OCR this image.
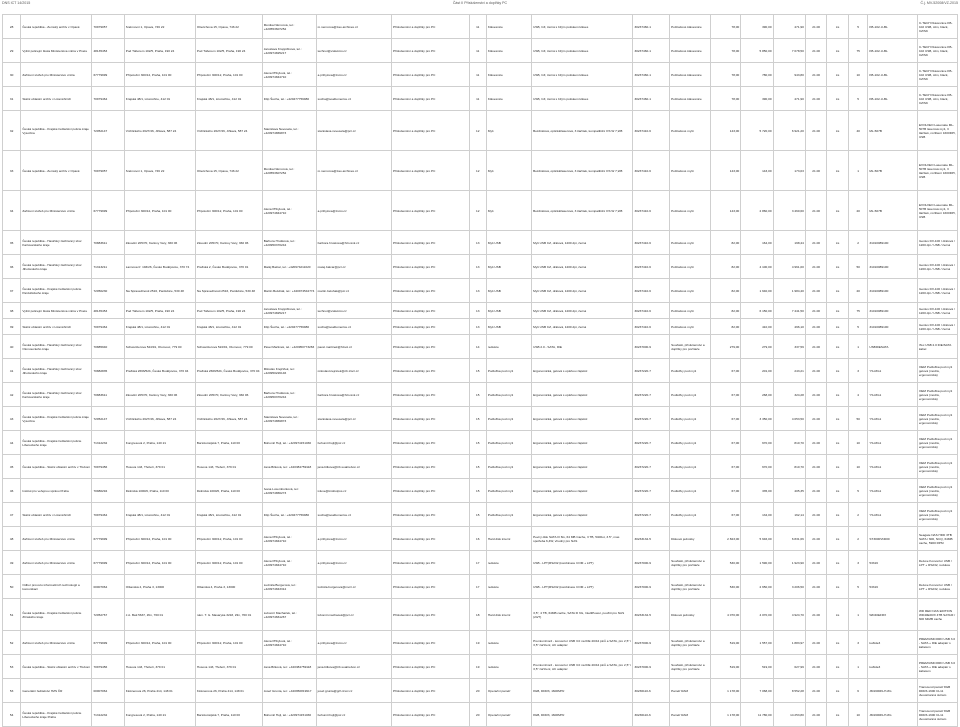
DNS ICT 14/2015	Část II Příslušenství a doplňky PC	Č.j. MV-52008/VZ-2015
28	Česká republika - Zemský archiv v Opavě	70979057	Sněmovní 1, Opava, 746 22	Olterichova 15, Opava, 746 22	Monika Němcová, tel.: +420553607252	m.nemcova@zao.archives.cz	Příslušenství a doplňky pro PC	11	Klávesnice	USB, CZ, černá s bílým potiskem kláves	30237460-1	Počítačové klávesnice	78,00	390,00	471,90	21.00	ks	5	KB-102-U-BL	C-TECH Klávesnice KB-102 USB, slim, black, CZ/SK
29	Vyšší policejní škola Ministerstva vnitra v Praze	48135453	Pod Táborem 102/5, Praha, 190 24	Pod Táborem 102/5, Praha, 190 24	Jaroslava Kroppičková, tel.: +420974825217	technot@vskukmv.cz	Příslušenství a doplňky pro PC	11	Klávesnice	USB, CZ, černá s bílým potiskem kláves	30237460-1	Počítačové klávesnice	78,00	5 850,00	7 078,50	21.00	ks	75	KB-102-U-BL	C-TECH Klávesnice KB-102 USB, slim, black, CZ/SK
30	Zařízení služeb pro Ministerstvo vnitra	67779999	Přípotoční 300/12, Praha, 101 00	Přípotoční 300/12, Praha, 101 00	Alena Přibylová, tel.: +420974844710	a.pribylova@zsmv.cz	Příslušenství a doplňky pro PC	11	Klávesnice	USB, CZ, černá s bílým potiskem kláves	30237460-1	Počítačové klávesnice	78,00	780,00	943,80	21.00	ks	10	KB-102-U-BL	C-TECH Klávesnice KB-102 USB, slim, black, CZ/SK
31	Státní oblastní archiv v Litoměřicích	70979464	Krajská 48/1, Litoměřice, 412 01	Krajská 48/1, Litoměřice, 412 01	Filip Šucha, tel.: +420477759980	sucha@soalitomerice.cz	Příslušenství a doplňky pro PC	11	Klávesnice	USB, CZ, černá s bílým potiskem kláves	30237460-1	Počítačové klávesnice	78,00	390,00	471,90	21.00	ks	5	KB-102-U-BL	C-TECH Klávesnice KB-102 USB, slim, black, CZ/SK
32	Česká republika - Krajské ředitelství policie kraje Vysočina	72052147	Vrchlického 2627/46, Jihlava, 587 24	Vrchlického 2627/46, Jihlava, 587 24	Stanislava Nevesela, tel.: +420974869873	stanislava.nevesela@pcr.cz	Příslušenství a doplňky pro PC	12	Myš	Bezdrátová, optická/laserová, 3 tlačítek, kompatibilní OS W 7,W8	30237410-6	Počítačové myši	143,00	5 720,00	6 921,20	21.00	ks	40	ML-507B	EVOLVEO Lasemate ML-507B laserová myš, 3 tlačítek, rozlišení 1600DPI, USB
33	Česká republika - Zemský archiv v Opavě	70979057	Sněmovní 1, Opava, 746 22	Olterichova 15, Opava, 746 22	Monika Němcová, tel.: +420553607252	m.nemcova@zao.archives.cz	Příslušenství a doplňky pro PC	12	Myš	Bezdrátová, optická/laserová, 3 tlačítek, kompatibilní OS W 7,W8	30237410-6	Počítačové myši	143,00	143,00	173,03	21.00	ks	1	ML-507B	EVOLVEO Lasemate ML-507B laserová myš, 3 tlačítek, rozlišení 1600DPI, USB
34	Zařízení služeb pro Ministerstvo vnitra	67779999	Přípotoční 300/12, Praha, 101 00	Přípotoční 300/12, Praha, 101 00	Alena Přibylová, tel.: +420974844710	a.pribylova@zsmv.cz	Příslušenství a doplňky pro PC	12	Myš	Bezdrátová, optická/laserová, 3 tlačítek, kompatibilní OS W 7,W8	30237410-6	Počítačové myši	143,00	2 860,00	3 460,60	21.00	ks	20	ML-507B	EVOLVEO Lasemate ML-507B laserová myš, 3 tlačítek, rozlišení 1600DPI, USB
35	Česká republika - Hasičský záchranný sbor Karlovarského kraje	70883611	Závodní 205/70, Karlovy Vary, 360 06	Závodní 205/70, Karlovy Vary, 360 06	Barbora Hrušková, tel.: +420950370244	barbora.hruskova@hzs-kvk.cz	Příslušenství a doplňky pro PC	13	Myš USB	Myš USB CZ, drátová, 1200 dpi, černá	30237410-6	Počítačové myši	82,00	164,00	198,44	21.00	ks	2	31010089100	Genius DX-100 / drátová / 1200 dpi / USB / černá
36	Česká republika - Hasičský záchranný sbor Jihočeského kraje	71313211	Lannova tř. 193/26, České Budějovice, 370 74	Pražská 2, České Budějovice, 370 01	Matěj Balcar, tel.: +420974211020	matej.balcar@pcr.cz	Příslušenství a doplňky pro PC	13	Myš USB	Myš USB CZ, drátová, 1200 dpi, černá	30237410-6	Počítačové myši	82,00	4 100,00	4 961,00	21.00	ks	50	31010089100	Genius DX-100 / drátová / 1200 dpi / USB / černá
37	Česká republika - Krajské ředitelství policie Pardubického kraje	72050230	Na Spravedlnosti 2516, Pardubice, 530 48	Na Spravedlnosti 2516, Pardubice, 530 48	Martin Beluhák, tel.: +420974542774	martin.beluhak@pcr.cz	Příslušenství a doplňky pro PC	13	Myš USB	Myš USB CZ, drátová, 1200 dpi, černá	30237410-6	Počítačové myši	82,00	1 640,00	1 984,40	21.00	ks	20	31010089100	Genius DX-100 / drátová / 1200 dpi / USB / černá
38	Vyšší policejní škola Ministerstva vnitra v Praze	48135453	Pod Táborem 102/5, Praha, 190 24	Pod Táborem 102/5, Praha, 190 24	Jaroslava Kroppičková, tel.: +420974825217	technot@vskukmv.cz	Příslušenství a doplňky pro PC	13	Myš USB	Myš USB CZ, drátová, 1200 dpi, černá	30237410-6	Počítačové myši	82,00	6 150,00	7 441,50	21.00	ks	75	31010089100	Genius DX-100 / drátová / 1200 dpi / USB / černá
39	Státní oblastní archiv v Litoměřicích	70979464	Krajská 48/1, Litoměřice, 412 01	Krajská 48/1, Litoměřice, 412 01	Filip Šucha, tel.: +420477759980	sucha@soalitomerice.cz	Příslušenství a doplňky pro PC	13	Myš USB	Myš USB CZ, drátová, 1200 dpi, černá	30237410-6	Počítačové myši	82,00	410,00	496,10	21.00	ks	5	31010089100	Genius DX-100 / drátová / 1200 dpi / USB / černá
40	Česká republika - Hasičský záchranný sbor Olomouckého kraje	70885940	Schweitzerova 524/91, Olomouc, 779 00	Schweitzerova 524/91, Olomouc, 779 00	Pavel Martinek, tel.: +420950773283	pavel.martinek@hzsol.cz	Příslušenství a doplňky pro PC	14	redukce	USB 2.0 - SATA, IDE	30237000-9	Součásti, příslušenství a doplňky pro počítače	279,00	279,00	337,59	21.00	ks	1	USBIDESATA	iTec USB 2.0 IDE/SATA kabel
41	Česká republika - Hasičský záchranný sbor Jihočeského kraje	70882835	Pražská 2666/52b, České Budějovice, 370 04	Pražská 2666/52b, České Budějovice, 370 04	Miloslav Krejčíček, tel.: +420950226146	miloslav.krejcicek@cb.izscr.cz	Příslušenství a doplňky pro PC	15	Podložka pod myš	Ergonomická, gelová s opěrkou zápěstí	30237220-7	Podložky pod myš	67,00	201,00	243,21	21.00	ks	3	YS-MG1	OEM Podložka pod myš gelová (modrá, ergonomická)
42	Česká republika - Hasičský záchranný sbor Karlovarského kraje	70883611	Závodní 205/70, Karlovy Vary, 360 06	Závodní 205/70, Karlovy Vary, 360 06	Barbora Hrušková, tel.: +420950370244	barbora.hruskova@hzs-kvk.cz	Příslušenství a doplňky pro PC	15	Podložka pod myš	Ergonomická, gelová s opěrkou zápěstí	30237220-7	Podložky pod myš	67,00	268,00	324,28	21.00	ks	4	YS-MG1	OEM Podložka pod myš gelová (modrá, ergonomická)
43	Česká republika - Krajské ředitelství policie kraje Vysočina	72052147	Vrchlického 2627/46, Jihlava, 587 24	Vrchlického 2627/46, Jihlava, 587 24	Stanislava Nevesela, tel.: +420974869873	stanislava.nevesela@pcr.cz	Příslušenství a doplňky pro PC	15	Podložka pod myš	Ergonomická, gelová s opěrkou zápěstí	30237220-7	Podložky pod myš	67,00	3 350,00	4 053,50	21.00	ks	50	YS-MG1	OEM Podložka pod myš gelová (modrá, ergonomická)
44	Česká republika - Krajské ředitelství policie Libereckého kraje	71312232	Kongresová 2, Praha, 140 21	Bartolomějská 7, Praha, 110 00	Bohumil Hojl, tel.: +420974151030	bohumil.hojl@pcr.cz	Příslušenství a doplňky pro PC	15	Podložka pod myš	Ergonomická, gelová s opěrkou zápěstí	30237220-7	Podložky pod myš	67,00	670,00	810,70	21.00	ks	10	YS-MG1	OEM Podložka pod myš gelová (modrá, ergonomická)
45	Česká republika - Státní oblastní archiv v Třeboni	70979456	Husova 143, Třeboň, 379 01	Husova 143, Třeboň, 379 01	Jana Bílková, tel.: +420384759118	jana.bilkova@trb.soaitrebon.cz	Příslušenství a doplňky pro PC	15	Podložka pod myš	Ergonomická, gelová s opěrkou zápěstí	30237220-7	Podložky pod myš	67,00	670,00	810,70	21.00	ks	10	YS-MG1	OEM Podložka pod myš gelová (modrá, ergonomická)
46	Institut pro veřejnou správu Praha	70980294	Dělnická 1000/6, Praha, 110 00	Dělnická 1000/6, Praha, 110 00	Ivana Luxemburková, tel.: +420974866273	ivluxe@institutpvs.cz	Příslušenství a doplňky pro PC	15	Podložka pod myš	Ergonomická, gelová s opěrkou zápěstí	30237220-7	Podložky pod myš	67,00	335,00	405,35	21.00	ks	5	YS-MG1	OEM Podložka pod myš gelová (modrá, ergonomická)
47	Státní oblastní archiv v Litoměřicích	70979464	Krajská 48/1, Litoměřice, 412 01	Krajská 48/1, Litoměřice, 412 01	Filip Šucha, tel.: +420477759980	sucha@soalitomerice.cz	Příslušenství a doplňky pro PC	15	Podložka pod myš	Ergonomická, gelová s opěrkou zápěstí	30237220-7	Podložky pod myš	67,00	134,00	162,14	21.00	ks	2	YS-MG1	OEM Podložka pod myš gelová (modrá, ergonomická)
48	Zařízení služeb pro Ministerstvo vnitra	67779999	Přípotoční 300/12, Praha, 101 00	Přípotoční 300/12, Praha, 101 00	Alena Přibylová, tel.: +420974844710	a.pribylova@zsmv.cz	Příslušenství a doplňky pro PC	16	Hard disk interní	Pevný disk SATA III 6G, 64 MB Cache, 3 TB, 5400ot, 3.5", max. spotřeba 6,4W, vhodný pro NAS	30233132-5	Diskové jednotky	2 823,00	5 646,00	6 831,66	21.00	ks	2	ST3000VN000	Seagate NAS HDD 3TB SATA / 600, NCQ, 64MB cache, 5900 RPM
49	Zařízení služeb pro Ministerstvo vnitra	67779999	Přípotoční 300/12, Praha, 101 00	Přípotoční 300/12, Praha, 101 00	Alena Přibylová, tel.: +420974844710	a.pribylova@zsmv.cz	Příslušenství a doplňky pro PC	17	redukce	USB - LPT(RS232 (kombinace COM + LPT)	30237000-9	Součásti, příslušenství a doplňky pro počítače	530,00	1 590,00	1 923,90	21.00	ks	3	53316	Deluxe Konvertor USB / LPT + RS232, redukce
50	Odbor provozu informačních technologií a komunikací	00007064	Olšanská 4, Praha 3, 13000	Olšanská 4, Praha 3, 13000	Ludmila Burgerová, tel.: +420974843312	ludmila.burgerova@mvcr.cz	Příslušenství a doplňky pro PC	17	redukce	USB - LPT(RS232 (kombinace COM + LPT)	30237000-9	Součásti, příslušenství a doplňky pro počítače	530,00	2 650,00	3 206,50	21.00	ks	5	53316	Deluxe Konvertor USB / LPT + RS232, redukce
51	Česká republika - Krajské ředitelství policie Zlínského kraje	72052767	J.A. Bati 5637, Zlín, 760 01	nám. T. G. Masaryka 3218, Zlín, 760 01	Lubomír Machaček, tel.: +420974661267	lubomir.machacek@pcr.cz	Příslušenství a doplňky pro PC	18	Hard disk interní	3,5", 4 TB, 64MB cache, SATA III 6G, IntelliPower, použití pro NAS (24/7)	30233132-5	Diskové jednotky	4 070,00	4 070,00	4 924,70	21.00	ks	1	WD40EFRX	WD RED NAS EDITION WD40EFRX 4TB SATAIII / 600 64MB cache
52	Zařízení služeb pro Ministerstvo vnitra	67779999	Přípotoční 300/12, Praha, 101 00	Přípotoční 300/12, Praha, 101 00	Alena Přibylová, tel.: +420974844710	a.pribylova@zsmv.cz	Příslušenství a doplňky pro PC	19	redukce	PremiumCord - konvertor USB 3.0 na IDE 40/44 pinů a SATA, pro 2,5" i 3,5" zařízení, AC adaptér	30237000-9	Součásti, příslušenství a doplňky pro počítače	519,00	1 557,00	1 883,97	21.00	ks	3	ku3ide3	PREMIUMCORD USB 3.0 - SATA + IDE adaptér s kabelem
53	Česká republika - Státní oblastní archiv v Třeboni	70979456	Husova 143, Třeboň, 379 01	Husova 143, Třeboň, 379 01	Jana Bílková, tel.: +420384759118	jana.bilkova@trb.soaitrebon.cz	Příslušenství a doplňky pro PC	19	redukce	PremiumCord - konvertor USB 3.0 na IDE 40/44 pinů a SATA, pro 2,5" i 3,5" zařízení, AC adaptér	30237000-9	Součásti, příslušenství a doplňky pro počítače	519,00	519,00	627,99	21.00	ks	1	ku3ide3	PREMIUMCORD USB 3.0 - SATA + IDE adaptér s kabelem
53	Generální ředitelství HZS ČR	00007064	Kloknerova 26, Praha 414, 148 01	Kloknerova 26, Praha 414, 148 01	Josef Grunta, tel.: +420950819917	josef.grunta@grh.izscr.cz	Příslušenství a doplňky pro PC	20	Operační paměť	8GB, DDR3, 1600MHz	30236110-6	Paměť RAM	1 178,00	7 068,00	8 552,28	21.00	ks	6	JM1600KLH-8G	Transcend paměť 8GB DDR3-1600 CL11 dvoustranná Jetram
54	Česká republika - Krajské ředitelství policie Libereckého kraje Praha	71312232	Kongresová 2, Praha, 140 21	Bartolomějská 7, Praha, 110 00	Bohumil Hojl, tel.: +420974151030	bohumil.hojl@pcr.cz	Příslušenství a doplňky pro PC	20	Operační paměť	8GB, DDR3, 1600MHz	30236110-6	Paměť RAM	1 178,00	11 780,00	14 253,80	21.00	ks	10	JM1600KLH-8G	Transcend paměť 8GB DDR3-1600 CL11 dvoustranná Jetram
